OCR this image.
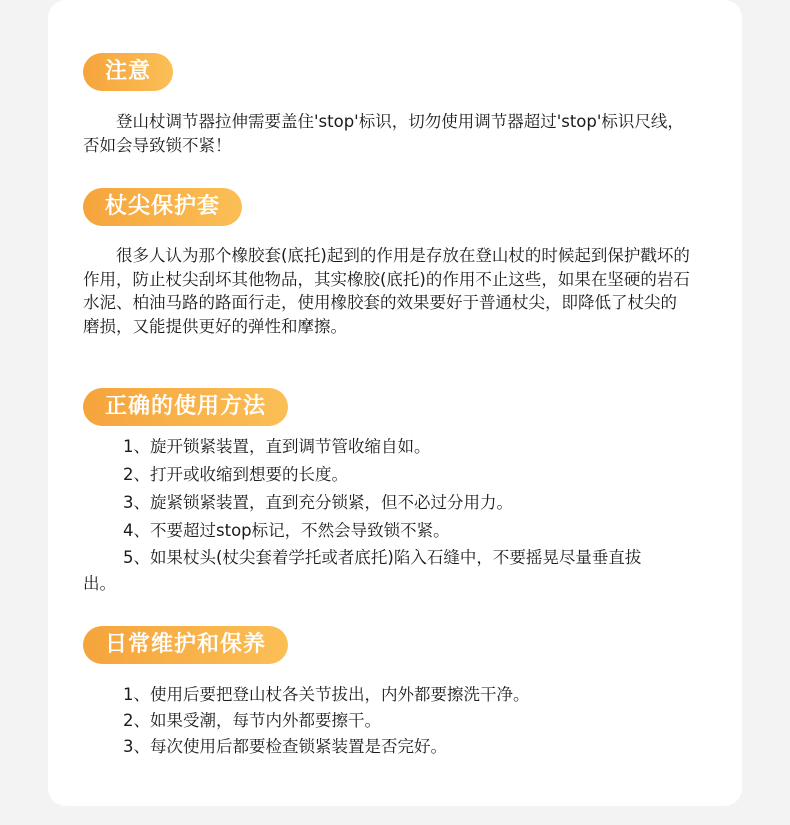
注意

登山杖调节器拉伸需要盖住'stop'标识，切勿使用调节器超过'stop'标识尺线，否如会导致锁不紧！

杖尖保护套

很多人认为那个橡胶套(底托)起到的作用是存放在登山杖的时候起到保护戳坏的作用，防止杖尖刮坏其他物品，其实橡胶(底托)的作用不止这些，如果在坚硬的岩石水泥、柏油马路的路面行走，使用橡胶套的效果要好于普通杖尖，即降低了杖尖的磨损，又能提供更好的弹性和摩擦。

正确的使用方法

1、旋开锁紧装置，直到调节管收缩自如。

2、打开或收缩到想要的长度。

3、旋紧锁紧装置，直到充分锁紧，但不必过分用力。

4、不要超过stop标记，不然会导致锁不紧。

5、如果杖头(杖尖套着学托或者底托)陷入石缝中，不要摇晃尽量垂直拔出。

日常维护和保养

1、使用后要把登山杖各关节拔出，内外都要擦洗干净。

2、如果受潮，每节内外都要擦干。

3、每次使用后都要检查锁紧装置是否完好。
